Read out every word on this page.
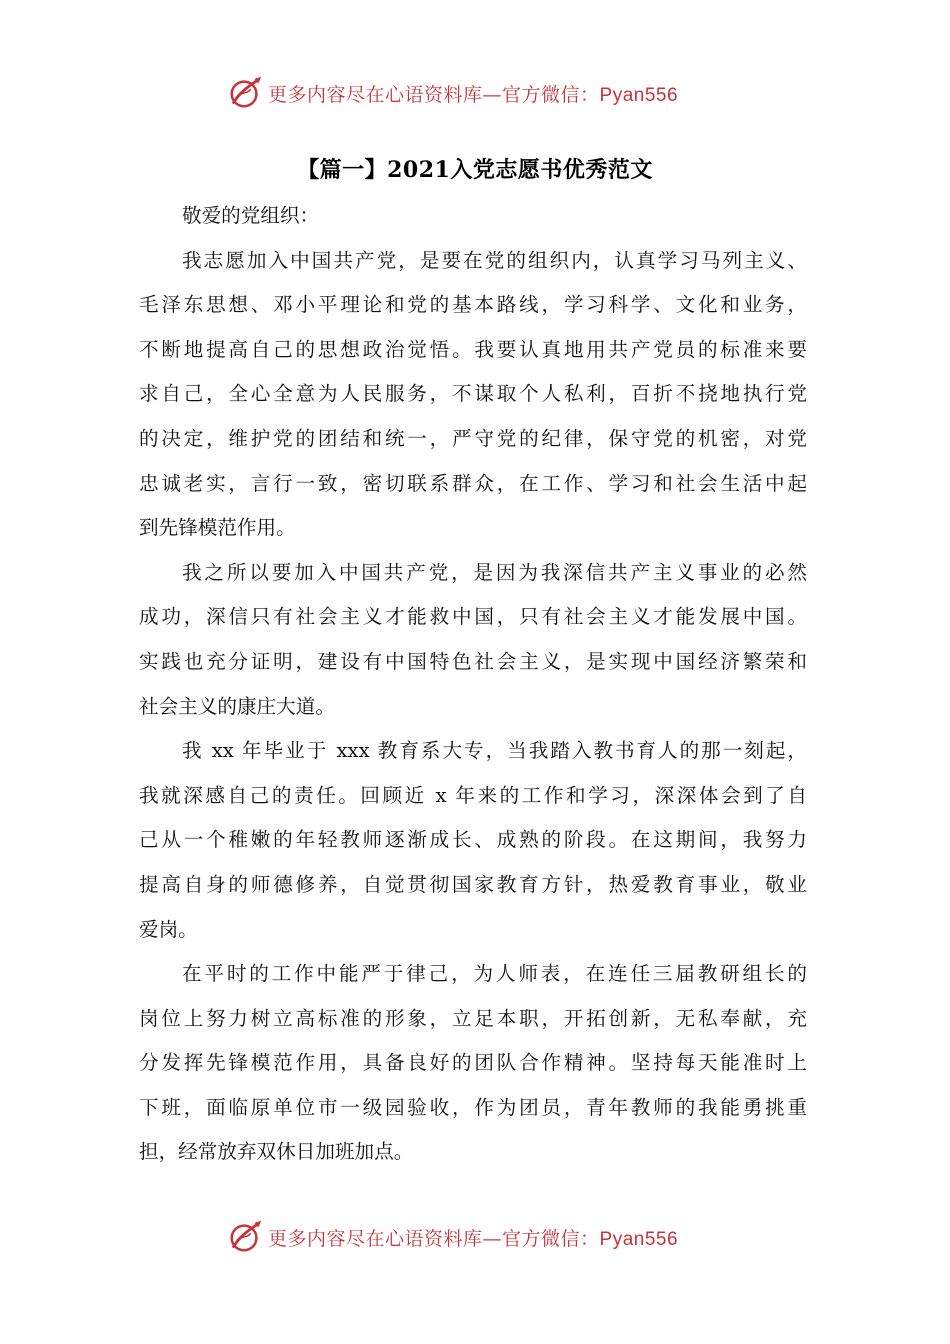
更多内容尽在心语资料库—官方微信：Pyan556
【篇一】2021入党志愿书优秀范文
敬爱的党组织：
我志愿加入中国共产党，是要在党的组织内，认真学习马列主义、
毛泽东思想、邓小平理论和党的基本路线，学习科学、文化和业务，
不断地提高自己的思想政治觉悟。我要认真地用共产党员的标准来要
求自己，全心全意为人民服务，不谋取个人私利，百折不挠地执行党
的决定，维护党的团结和统一，严守党的纪律，保守党的机密，对党
忠诚老实，言行一致，密切联系群众，在工作、学习和社会生活中起
到先锋模范作用。
我之所以要加入中国共产党，是因为我深信共产主义事业的必然
成功，深信只有社会主义才能救中国，只有社会主义才能发展中国。
实践也充分证明，建设有中国特色社会主义，是实现中国经济繁荣和
社会主义的康庄大道。
我 xx 年毕业于 xxx 教育系大专，当我踏入教书育人的那一刻起，
我就深感自己的责任。回顾近 x 年来的工作和学习，深深体会到了自
己从一个稚嫩的年轻教师逐渐成长、成熟的阶段。在这期间，我努力
提高自身的师德修养，自觉贯彻国家教育方针，热爱教育事业，敬业
爱岗。
在平时的工作中能严于律己，为人师表，在连任三届教研组长的
岗位上努力树立高标准的形象，立足本职，开拓创新，无私奉献，充
分发挥先锋模范作用，具备良好的团队合作精神。坚持每天能准时上
下班，面临原单位市一级园验收，作为团员，青年教师的我能勇挑重
担，经常放弃双休日加班加点。
更多内容尽在心语资料库—官方微信：Pyan556
